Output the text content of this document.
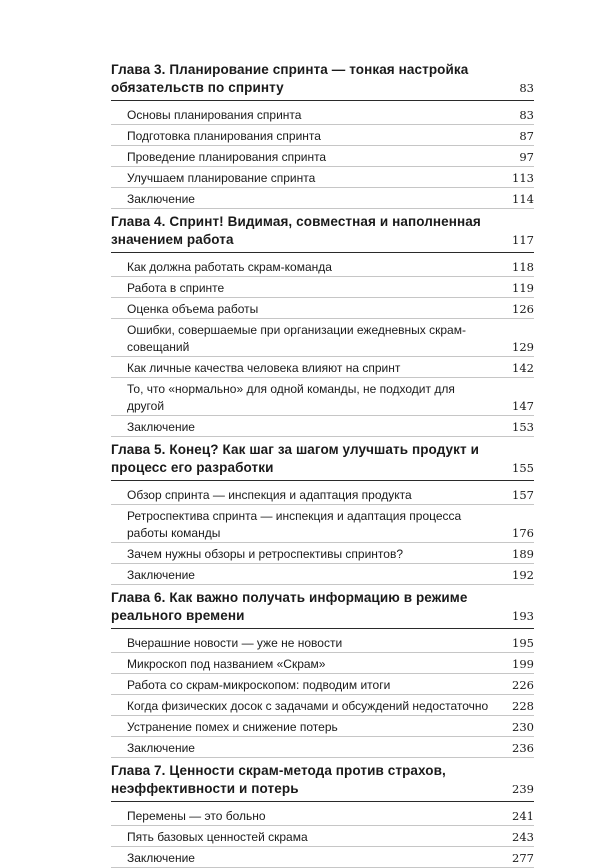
Глава 3. Планирование спринта — тонкая настройка обязательств по спринту	83
Основы планирования спринта	83
Подготовка планирования спринта	87
Проведение планирования спринта	97
Улучшаем планирование спринта	113
Заключение	114
Глава 4. Спринт! Видимая, совместная и наполненная значением работа	117
Как должна работать скрам-команда	118
Работа в спринте	119
Оценка объема работы	126
Ошибки, совершаемые при организации ежедневных скрам-совещаний	129
Как личные качества человека влияют на спринт	142
То, что «нормально» для одной команды, не подходит для другой	147
Заключение	153
Глава 5. Конец? Как шаг за шагом улучшать продукт и процесс его разработки	155
Обзор спринта — инспекция и адаптация продукта	157
Ретроспектива спринта — инспекция и адаптация процесса работы команды	176
Зачем нужны обзоры и ретроспективы спринтов?	189
Заключение	192
Глава 6. Как важно получать информацию в режиме реального времени	193
Вчерашние новости — уже не новости	195
Микроскоп под названием «Скрам»	199
Работа со скрам-микроскопом: подводим итоги	226
Когда физических досок с задачами и обсуждений недостаточно	228
Устранение помех и снижение потерь	230
Заключение	236
Глава 7. Ценности скрам-метода против страхов, неэффективности и потерь	239
Перемены — это больно	241
Пять базовых ценностей скрама	243
Заключение	277
